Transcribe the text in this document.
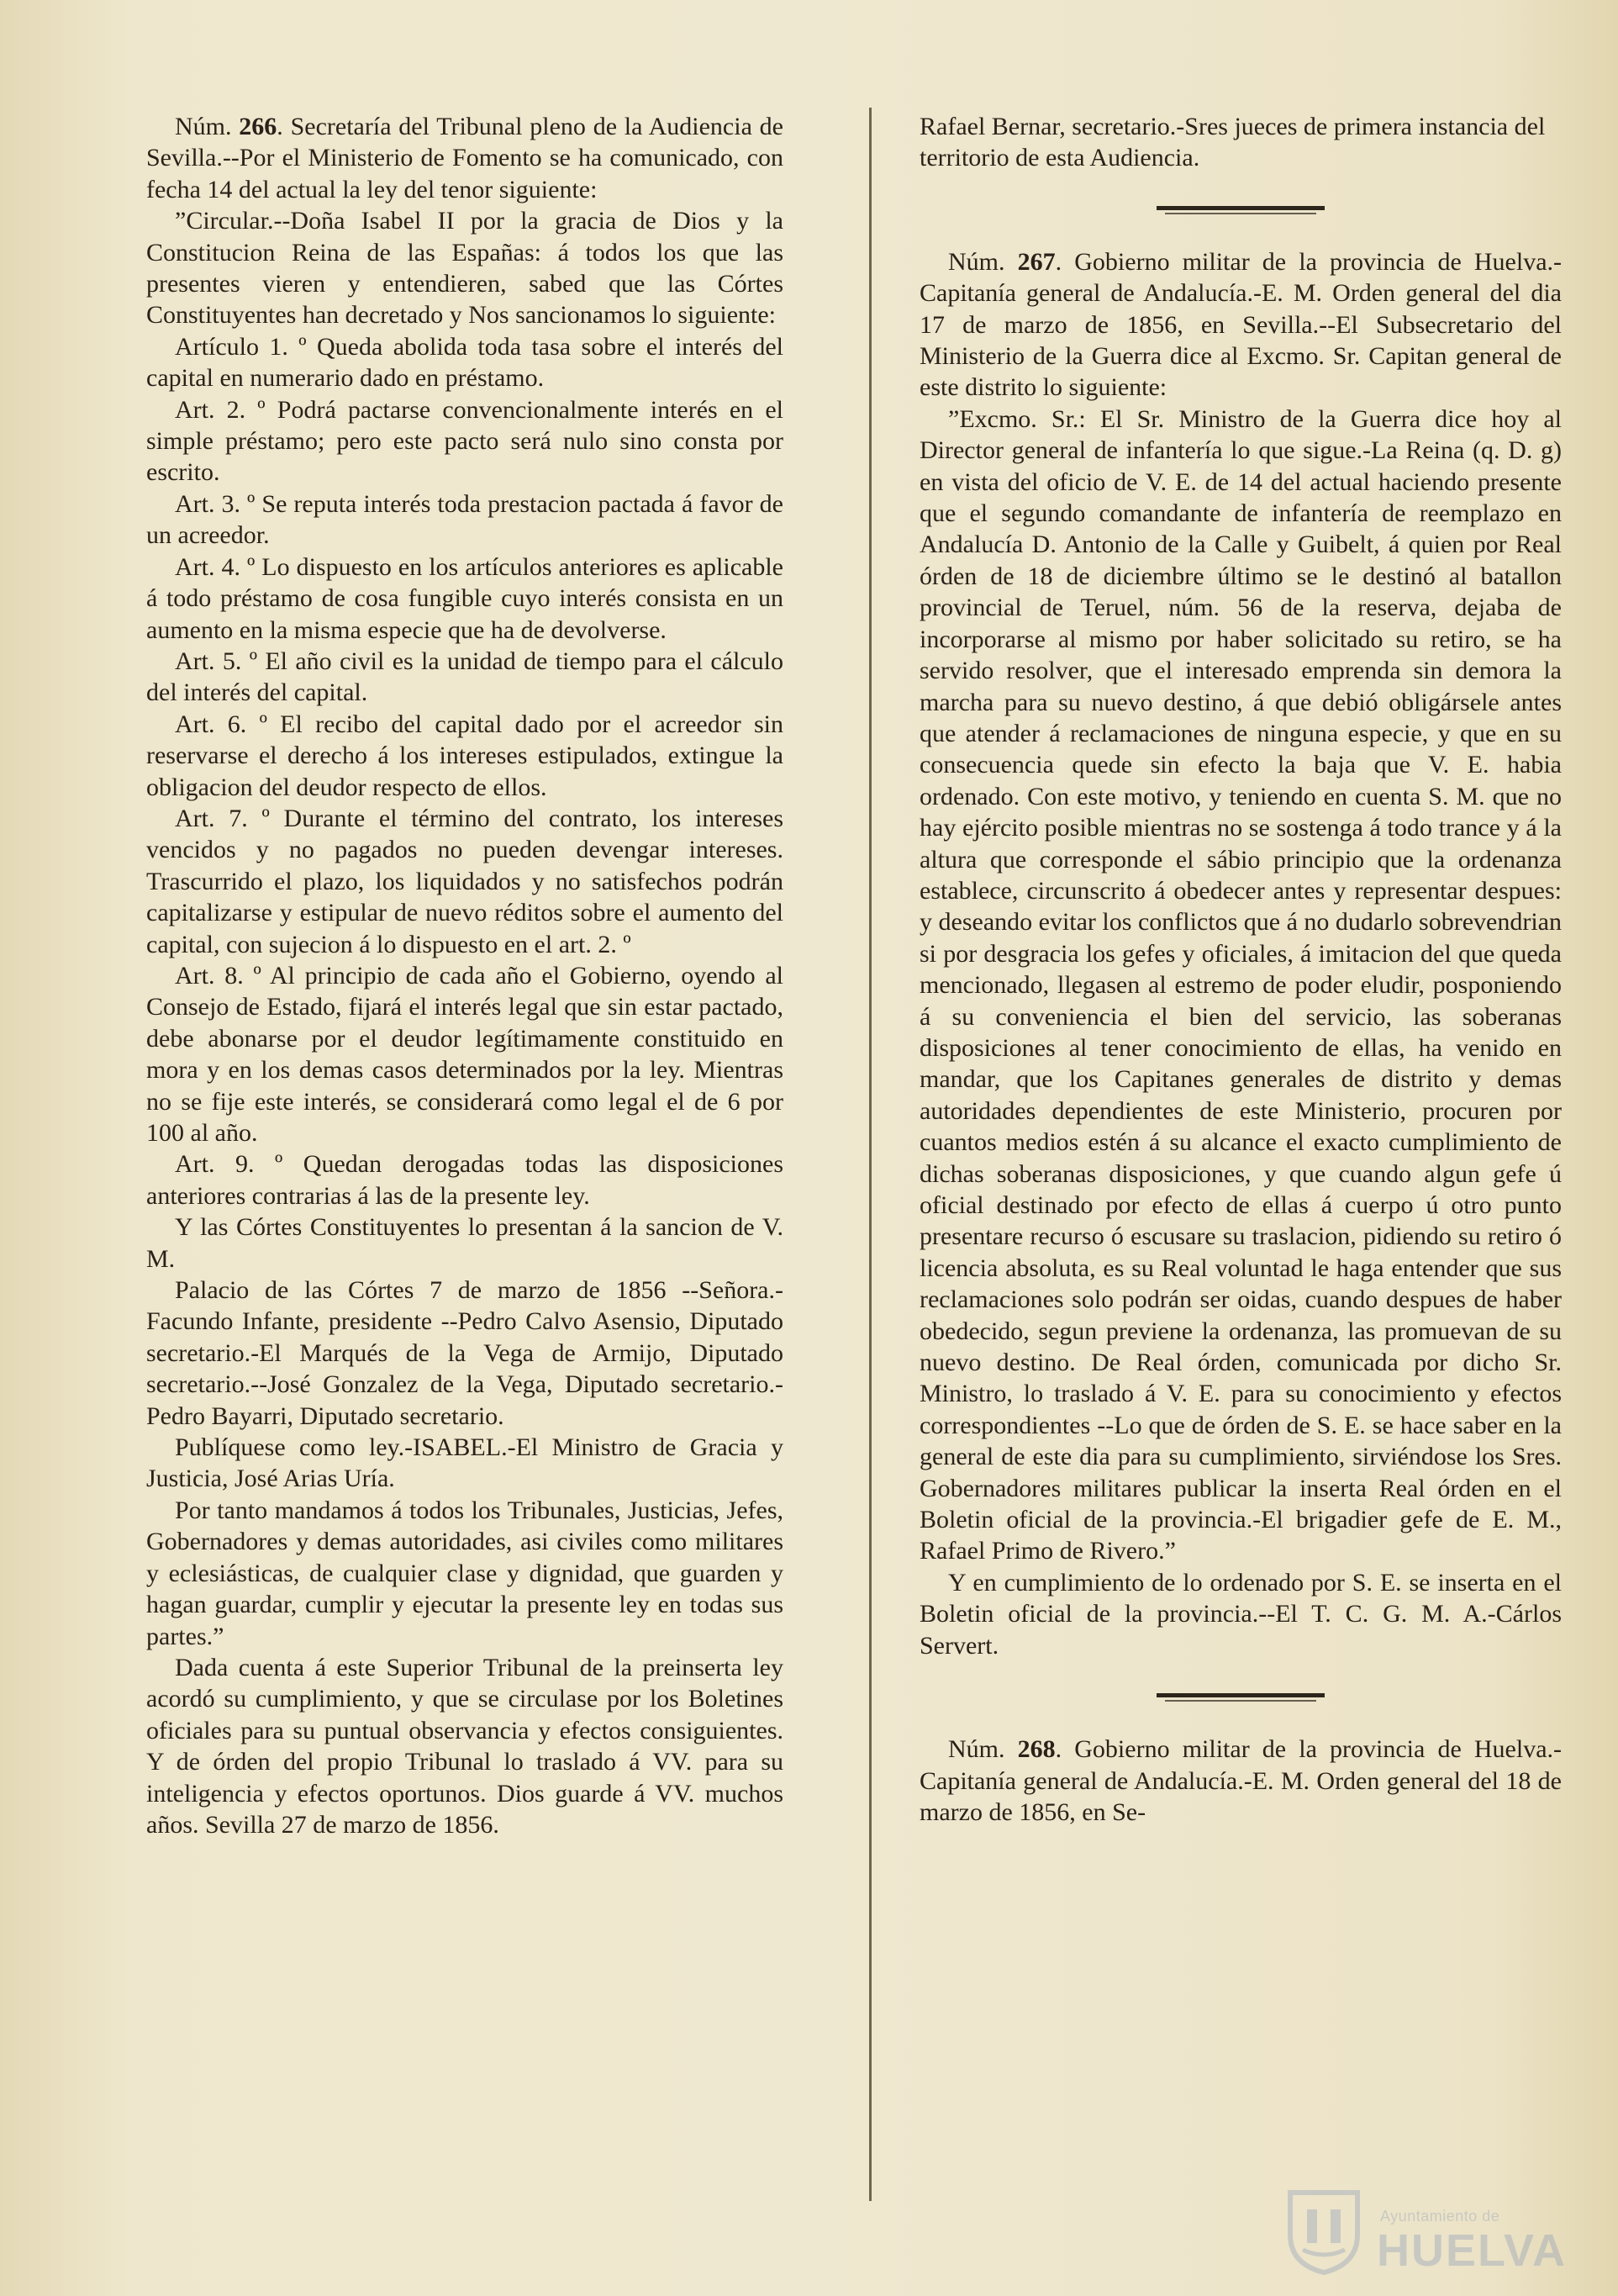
Núm. 266. Secretaría del Tribunal pleno de la Audiencia de Sevilla.--Por el Ministerio de Fomento se ha comunicado, con fecha 14 del actual la ley del tenor siguiente:

”Circular.--Doña Isabel II por la gracia de Dios y la Constitucion Reina de las Españas: á todos los que las presentes vieren y entendieren, sabed que las Córtes Constituyentes han decretado y Nos sancionamos lo siguiente:

Artículo 1. º Queda abolida toda tasa sobre el interés del capital en numerario dado en préstamo.

Art. 2. º Podrá pactarse convencionalmente interés en el simple préstamo; pero este pacto será nulo sino consta por escrito.

Art. 3. º Se reputa interés toda prestacion pactada á favor de un acreedor.

Art. 4. º Lo dispuesto en los artículos anteriores es aplicable á todo préstamo de cosa fungible cuyo interés consista en un aumento en la misma especie que ha de devolverse.

Art. 5. º El año civil es la unidad de tiempo para el cálculo del interés del capital.

Art. 6. º El recibo del capital dado por el acreedor sin reservarse el derecho á los intereses estipulados, extingue la obligacion del deudor respecto de ellos.

Art. 7. º Durante el término del contrato, los intereses vencidos y no pagados no pueden devengar intereses. Trascurrido el plazo, los liquidados y no satisfechos podrán capitalizarse y estipular de nuevo réditos sobre el aumento del capital, con sujecion á lo dispuesto en el art. 2. º

Art. 8. º Al principio de cada año el Gobierno, oyendo al Consejo de Estado, fijará el interés legal que sin estar pactado, debe abonarse por el deudor legítimamente constituido en mora y en los demas casos determinados por la ley. Mientras no se fije este interés, se considerará como legal el de 6 por 100 al año.

Art. 9. º Quedan derogadas todas las disposiciones anteriores contrarias á las de la presente ley.

Y las Córtes Constituyentes lo presentan á la sancion de V. M.

Palacio de las Córtes 7 de marzo de 1856 --Señora.-Facundo Infante, presidente --Pedro Calvo Asensio, Diputado secretario.-El Marqués de la Vega de Armijo, Diputado secretario.--José Gonzalez de la Vega, Diputado secretario.-Pedro Bayarri, Diputado secretario.

Publíquese como ley.-ISABEL.-El Ministro de Gracia y Justicia, José Arias Uría.

Por tanto mandamos á todos los Tribunales, Justicias, Jefes, Gobernadores y demas autoridades, asi civiles como militares y eclesiásticas, de cualquier clase y dignidad, que guarden y hagan guardar, cumplir y ejecutar la presente ley en todas sus partes.”

Dada cuenta á este Superior Tribunal de la preinserta ley acordó su cumplimiento, y que se circulase por los Boletines oficiales para su puntual observancia y efectos consiguientes. Y de órden del propio Tribunal lo traslado á VV. para su inteligencia y efectos oportunos. Dios guarde á VV. muchos años. Sevilla 27 de marzo de 1856.

Rafael Bernar, secretario.-Sres jueces de primera instancia del territorio de esta Audiencia.

Núm. 267. Gobierno militar de la provincia de Huelva.-Capitanía general de Andalucía.-E. M. Orden general del dia 17 de marzo de 1856, en Sevilla.--El Subsecretario del Ministerio de la Guerra dice al Excmo. Sr. Capitan general de este distrito lo siguiente:

”Excmo. Sr.: El Sr. Ministro de la Guerra dice hoy al Director general de infantería lo que sigue.-La Reina (q. D. g) en vista del oficio de V. E. de 14 del actual haciendo presente que el segundo comandante de infantería de reemplazo en Andalucía D. Antonio de la Calle y Guibelt, á quien por Real órden de 18 de diciembre último se le destinó al batallon provincial de Teruel, núm. 56 de la reserva, dejaba de incorporarse al mismo por haber solicitado su retiro, se ha servido resolver, que el interesado emprenda sin demora la marcha para su nuevo destino, á que debió obligársele antes que atender á reclamaciones de ninguna especie, y que en su consecuencia quede sin efecto la baja que V. E. habia ordenado. Con este motivo, y teniendo en cuenta S. M. que no hay ejército posible mientras no se sostenga á todo trance y á la altura que corresponde el sábio principio que la ordenanza establece, circunscrito á obedecer antes y representar despues: y deseando evitar los conflictos que á no dudarlo sobrevendrian si por desgracia los gefes y oficiales, á imitacion del que queda mencionado, llegasen al estremo de poder eludir, posponiendo á su conveniencia el bien del servicio, las soberanas disposiciones al tener conocimiento de ellas, ha venido en mandar, que los Capitanes generales de distrito y demas autoridades dependientes de este Ministerio, procuren por cuantos medios estén á su alcance el exacto cumplimiento de dichas soberanas disposiciones, y que cuando algun gefe ú oficial destinado por efecto de ellas á cuerpo ú otro punto presentare recurso ó escusare su traslacion, pidiendo su retiro ó licencia absoluta, es su Real voluntad le haga entender que sus reclamaciones solo podrán ser oidas, cuando despues de haber obedecido, segun previene la ordenanza, las promuevan de su nuevo destino. De Real órden, comunicada por dicho Sr. Ministro, lo traslado á V. E. para su conocimiento y efectos correspondientes --Lo que de órden de S. E. se hace saber en la general de este dia para su cumplimiento, sirviéndose los Sres. Gobernadores militares publicar la inserta Real órden en el Boletin oficial de la provincia.-El brigadier gefe de E. M., Rafael Primo de Rivero.”

Y en cumplimiento de lo ordenado por S. E. se inserta en el Boletin oficial de la provincia.--El T. C. G. M. A.-Cárlos Servert.

Núm. 268. Gobierno militar de la provincia de Huelva.-Capitanía general de Andalucía.-E. M. Orden general del 18 de marzo de 1856, en Se-

Ayuntamiento de
HUELVA
